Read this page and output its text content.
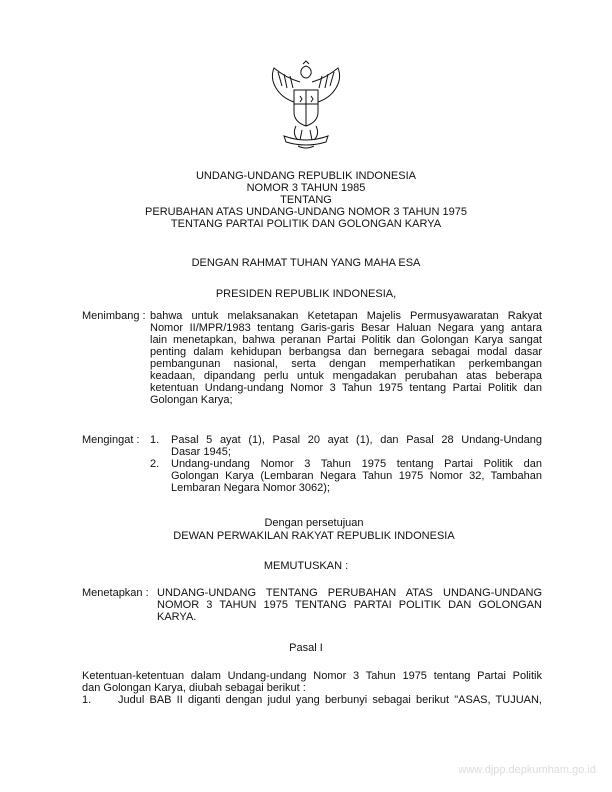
UNDANG-UNDANG REPUBLIK INDONESIA
NOMOR 3 TAHUN 1985
TENTANG
PERUBAHAN ATAS UNDANG-UNDANG NOMOR 3 TAHUN 1975
TENTANG PARTAI POLITIK DAN GOLONGAN KARYA
DENGAN RAHMAT TUHAN YANG MAHA ESA
PRESIDEN REPUBLIK INDONESIA,
Menimbang : bahwa untuk melaksanakan Ketetapan Majelis Permusyawaratan Rakyat
Nomor II/MPR/1983 tentang Garis-garis Besar Haluan Negara yang antara
lain menetapkan, bahwa peranan Partai Politik dan Golongan Karya sangat
penting dalam kehidupan berbangsa dan bernegara sebagai modal dasar
pembangunan nasional, serta dengan memperhatikan perkembangan
keadaan, dipandang perlu untuk mengadakan perubahan atas beberapa
ketentuan Undang-undang Nomor 3 Tahun 1975 tentang Partai Politik dan
Golongan Karya;
Mengingat : 1. Pasal 5 ayat (1), Pasal 20 ayat (1), dan Pasal 28 Undang-Undang
Dasar 1945;
2. Undang-undang Nomor 3 Tahun 1975 tentang Partai Politik dan
Golongan Karya (Lembaran Negara Tahun 1975 Nomor 32, Tambahan
Lembaran Negara Nomor 3062);
Dengan persetujuan
DEWAN PERWAKILAN RAKYAT REPUBLIK INDONESIA
MEMUTUSKAN :
Menetapkan : UNDANG-UNDANG TENTANG PERUBAHAN ATAS UNDANG-UNDANG
NOMOR 3 TAHUN 1975 TENTANG PARTAI POLITIK DAN GOLONGAN
KARYA.
Pasal I
Ketentuan-ketentuan dalam Undang-undang Nomor 3 Tahun 1975 tentang Partai Politik
dan Golongan Karya, diubah sebagai berikut :
1. Judul BAB II diganti dengan judul yang berbunyi sebagai berikut "ASAS, TUJUAN,
www.djpp.depkumham.go.id
